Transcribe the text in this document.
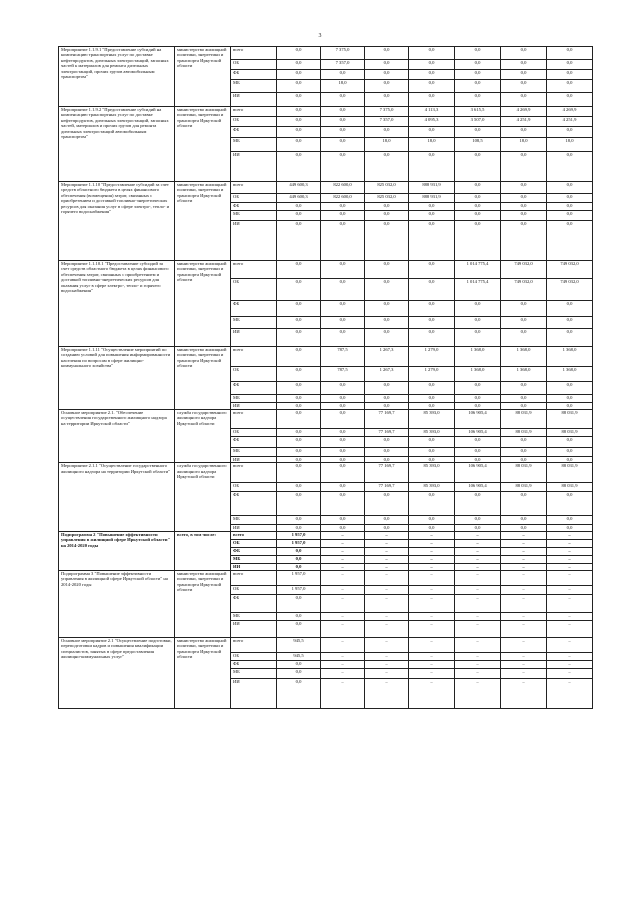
3
Мероприятие 1.1.9.1 "Предоставление субсидий на компенсацию транспортных услуг по доставке нефтепродуктов, дизельных электростанций, запасных частей к материалов для ремонта дизельных электростанций, прочих грузов автомобильным транспортом"	министерство жилищной политики, энергетики и транспорта Иркутской области	всего	0,0	7 375,0	0,0	0,0	0,0	0,0	0,0
		ОБ	0,0	7 357,0	0,0	0,0	0,0	0,0	0,0
		ФБ	0,0	0,0	0,0	0,0	0,0	0,0	0,0
		МБ	0,0	18,0	0,0	0,0	0,0	0,0	0,0
		ИИ	0,0	0,0	0,0	0,0	0,0	0,0	0,0
Мероприятие 1.1.9.2 "Предоставление субсидий на компенсацию транспортных услуг по доставке нефтепродуктов, дизельных электростанций, запасных частей, материалов и прочих грузов для ремонта дизельных электростанций автомобильным транспортом"	министерство жилищной политики, энергетики и транспорта Иркутской области	всего	0,0	0,0	7 375,0	4 113,3	3 615,5	4 269,9	4 269,9
		ОБ	0,0	0,0	7 357,0	4 095,3	3 507,0	4 251,9	4 251,9
		ФБ	0,0	0,0	0,0	0,0	0,0	0,0	0,0
		МБ	0,0	0,0	18,0	18,0	108,5	18,0	18,0
		ИИ	0,0	0,0	0,0	0,0	0,0	0,0	0,0
Мероприятие 1.1.10 "Предоставление субсидий за счет средств областного бюджета в целях финансового обеспечения (возмещения) затрат, связанных с приобретением и доставкой топливно-энергетических ресурсов для оказания услуг в сфере электро-, тепло- и горячего водоснабжения"	министерство жилищной политики, энергетики и транспорта Иркутской области	всего	449 600,3	822 600,0	825 032,0	888 931,9	0,0	0,0	0,0
		ОБ	449 600,3	822 600,0	825 032,0	888 931,9	0,0	0,0	0,0
		ФБ	0,0	0,0	0,0	0,0	0,0	0,0	0,0
		МБ	0,0	0,0	0,0	0,0	0,0	0,0	0,0
		ИИ	0,0	0,0	0,0	0,0	0,0	0,0	0,0
Мероприятие 1.1.10.1 "Предоставление субсидий за счет средств областного бюджета в целях финансового обеспечения затрат, связанных с приобретением и доставкой топливно-энергетических ресурсов для оказания услуг в сфере электро-, тепло- и горячего водоснабжения"	министерство жилищной политики, энергетики и транспорта Иркутской области	всего	0,0	0,0	0,0	0,0	1 014 775,4	749 032,0	749 032,0
		ОБ	0,0	0,0	0,0	0,0	1 014 775,4	749 032,0	749 032,0
		ФБ	0,0	0,0	0,0	0,0	0,0	0,0	0,0
		МБ	0,0	0,0	0,0	0,0	0,0	0,0	0,0
		ИИ	0,0	0,0	0,0	0,0	0,0	0,0	0,0
Мероприятие 1.1.11 "Осуществление мероприятий по созданию условий для повышения информированности населения по вопросам в сфере жилищно-коммунального хозяйства"	министерство жилищной политики, энергетики и транспорта Иркутской области	всего	0,0	787,5	1 267,3	1 279,0	1 368,0	1 368,0	1 368,0
		ОБ	0,0	787,5	1 267,3	1 279,0	1 368,0	1 368,0	1 368,0
		ФБ	0,0	0,0	0,0	0,0	0,0	0,0	0,0
		МБ	0,0	0,0	0,0	0,0	0,0	0,0	0,0
		ИИ	0,0	0,0	0,0	0,0	0,0	0,0	0,0
Основное мероприятие 2.1. "Обеспечение осуществления государственного жилищного надзора на территории Иркутской области"	служба государственного жилищного надзора Иркутской области	всего	0,0	0,0	77 169,7	85 393,0	106 905,4	88 031,9	88 031,9
		ОБ	0,0	0,0	77 169,7	85 393,0	106 905,4	88 031,9	88 031,9
		ФБ	0,0	0,0	0,0	0,0	0,0	0,0	0,0
		МБ	0,0	0,0	0,0	0,0	0,0	0,0	0,0
		ИИ	0,0	0,0	0,0	0,0	0,0	0,0	0,0
Мероприятие 2.1.1 "Осуществление государственного жилищного надзора на территории Иркутской области"	служба государственного жилищного надзора Иркутской области	всего	0,0	0,0	77 169,7	85 393,0	106 905,4	88 031,9	88 031,9
		ОБ	0,0	0,0	77 169,7	85 393,0	106 905,4	88 031,9	88 031,9
		ФБ	0,0	0,0	0,0	0,0	0,0	0,0	0,0
		МБ	0,0	0,0	0,0	0,0	0,0	0,0	0,0
		ИИ	0,0	0,0	0,0	0,0	0,0	0,0	0,0
Подпрограмма 2 "Повышение эффективности управления в жилищной сфере Иркутской области" на 2014-2020 годы	всего, в том числе:	всего	1 957,0	–	–	–	–	–	–
		ОБ	1 957,0	–	–	–	–	–	–
		ФБ	0,0	–	–	–	–	–	–
		МБ	0,0	–	–	–	–	–	–
		ИИ	0,0	–	–	–	–	–	–
Подпрограмма 3 "Повышение эффективности управления в жилищной сфере Иркутской области" на 2014-2020 годы	министерство жилищной политики, энергетики и транспорта Иркутской области	всего	1 957,0	–	–	–	–	–	–
		ОБ	1 957,0	–	–	–	–	–	–
		ФБ	0,0	–	–	–	–	–	–
		МБ	0,0	–	–	–	–	–	–
		ИИ	0,0	–	–	–	–	–	–
Основное мероприятие 2.1 "Осуществление подготовки, переподготовки кадров и повышения квалификации специалистов, занятых в сфере предоставления жилищно-коммунальных услуг"	министерство жилищной политики, энергетики и транспорта Иркутской области	всего	945,5	–	–	–	–	–	–
		ОБ	945,5	–	–	–	–	–	–
		ФБ	0,0	–	–	–	–	–	–
		МБ	0,0	–	–	–	–	–	–
		ИИ	0,0	–	–	–	–	–	–
